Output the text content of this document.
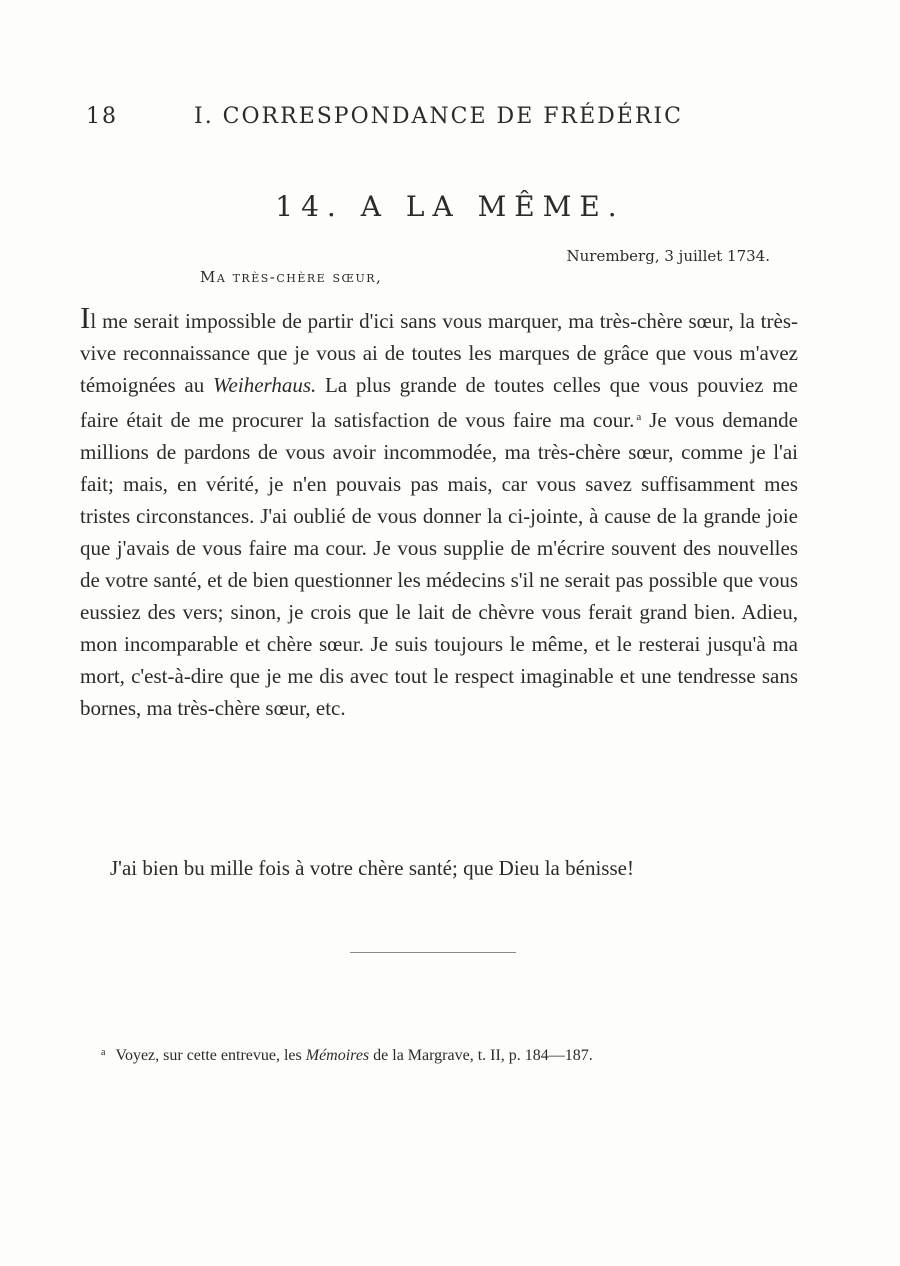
18	I. CORRESPONDANCE DE FRÉDÉRIC
14. A LA MÊME.
Nuremberg, 3 juillet 1734.
Ma très-chère sœur,

Il me serait impossible de partir d'ici sans vous marquer, ma très-chère sœur, la très-vive reconnaissance que je vous ai de toutes les marques de grâce que vous m'avez témoignées au Weiherhaus. La plus grande de toutes celles que vous pouviez me faire était de me procurer la satisfaction de vous faire ma cour. $^a$ Je vous demande millions de pardons de vous avoir incommodée, ma très-chère sœur, comme je l'ai fait; mais, en vérité, je n'en pouvais pas mais, car vous savez suffisamment mes tristes circonstances. J'ai oublié de vous donner la ci-jointe, à cause de la grande joie que j'avais de vous faire ma cour. Je vous supplie de m'écrire souvent des nouvelles de votre santé, et de bien questionner les médecins s'il ne serait pas possible que vous eussiez des vers; sinon, je crois que le lait de chèvre vous ferait grand bien. Adieu, mon incomparable et chère sœur. Je suis toujours le même, et le resterai jusqu'à ma mort, c'est-à-dire que je me dis avec tout le respect imaginable et une tendresse sans bornes, ma très-chère sœur, etc.

J'ai bien bu mille fois à votre chère santé; que Dieu la bénisse!
$^a$ Voyez, sur cette entrevue, les Mémoires de la Margrave, t. II, p. 184—187.
